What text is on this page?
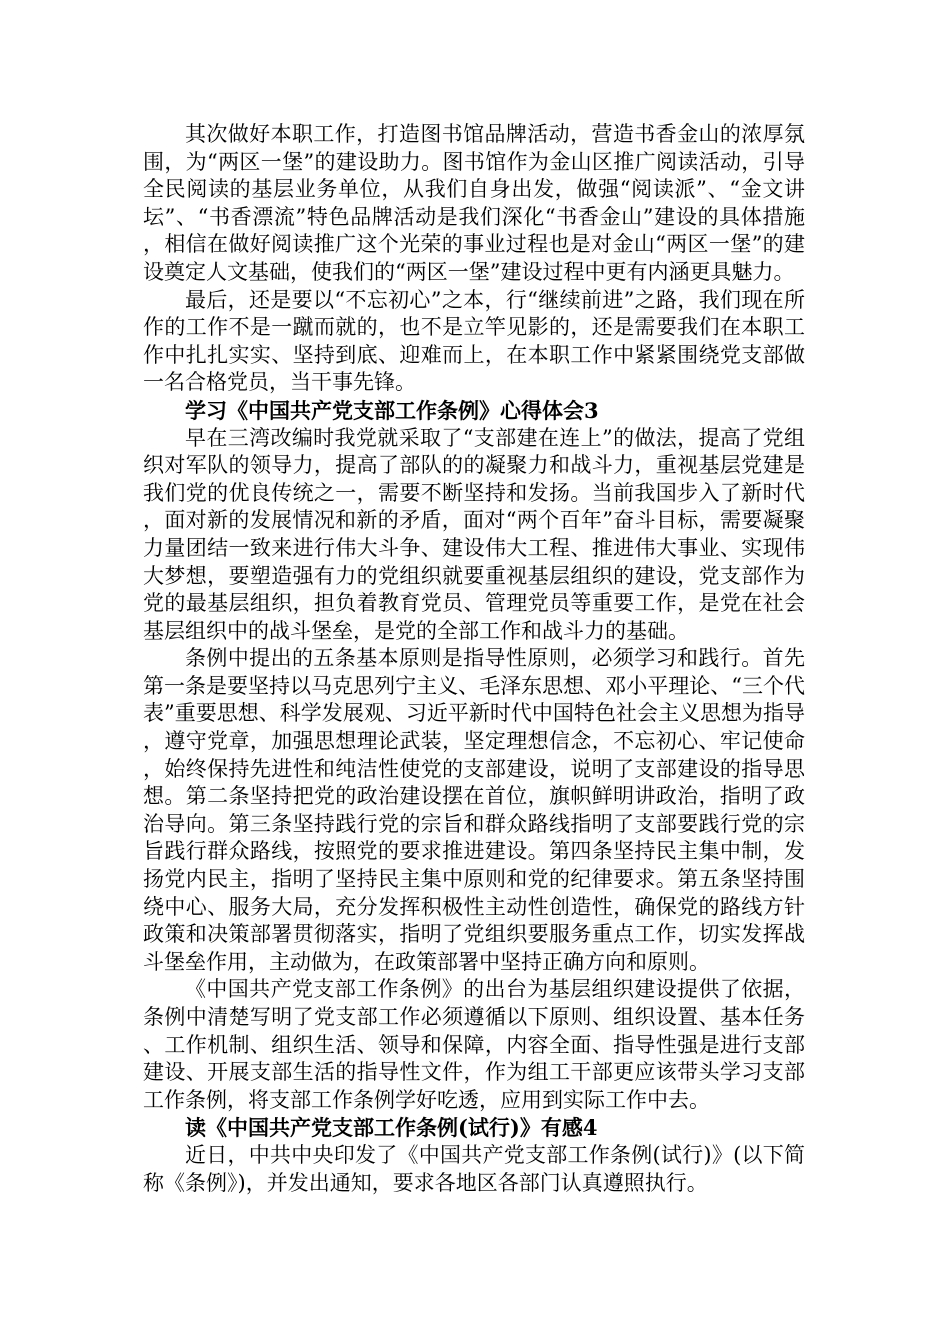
其次做好本职工作，打造图书馆品牌活动，营造书香金山的浓厚氛围，为“两区一堡”的建设助力。图书馆作为金山区推广阅读活动，引导全民阅读的基层业务单位，从我们自身出发，做强“阅读派”、“金文讲坛”、“书香漂流”特色品牌活动是我们深化“书香金山”建设的具体措施，相信在做好阅读推广这个光荣的事业过程也是对金山“两区一堡”的建设奠定人文基础，使我们的“两区一堡”建设过程中更有内涵更具魅力。

最后，还是要以“不忘初心”之本，行“继续前进”之路，我们现在所作的工作不是一蹴而就的，也不是立竿见影的，还是需要我们在本职工作中扎扎实实、坚持到底、迎难而上，在本职工作中紧紧围绕党支部做一名合格党员，当干事先锋。

学习《中国共产党支部工作条例》心得体会3

早在三湾改编时我党就采取了“支部建在连上”的做法，提高了党组织对军队的领导力，提高了部队的的凝聚力和战斗力，重视基层党建是我们党的优良传统之一，需要不断坚持和发扬。当前我国步入了新时代，面对新的发展情况和新的矛盾，面对“两个百年”奋斗目标，需要凝聚力量团结一致来进行伟大斗争、建设伟大工程、推进伟大事业、实现伟大梦想，要塑造强有力的党组织就要重视基层组织的建设，党支部作为党的最基层组织，担负着教育党员、管理党员等重要工作，是党在社会基层组织中的战斗堡垒，是党的全部工作和战斗力的基础。

条例中提出的五条基本原则是指导性原则，必须学习和践行。首先第一条是要坚持以马克思列宁主义、毛泽东思想、邓小平理论、“三个代表”重要思想、科学发展观、习近平新时代中国特色社会主义思想为指导，遵守党章，加强思想理论武装，坚定理想信念，不忘初心、牢记使命，始终保持先进性和纯洁性使党的支部建设，说明了支部建设的指导思想。第二条坚持把党的政治建设摆在首位，旗帜鲜明讲政治，指明了政治导向。第三条坚持践行党的宗旨和群众路线指明了支部要践行党的宗旨践行群众路线，按照党的要求推进建设。第四条坚持民主集中制，发扬党内民主，指明了坚持民主集中原则和党的纪律要求。第五条坚持围绕中心、服务大局，充分发挥积极性主动性创造性，确保党的路线方针政策和决策部署贯彻落实，指明了党组织要服务重点工作，切实发挥战斗堡垒作用，主动做为，在政策部署中坚持正确方向和原则。

《中国共产党支部工作条例》的出台为基层组织建设提供了依据，条例中清楚写明了党支部工作必须遵循以下原则、组织设置、基本任务、工作机制、组织生活、领导和保障，内容全面、指导性强是进行支部建设、开展支部生活的指导性文件，作为组工干部更应该带头学习支部工作条例，将支部工作条例学好吃透，应用到实际工作中去。

读《中国共产党支部工作条例(试行)》有感4

近日，中共中央印发了《中国共产党支部工作条例(试行)》(以下简称《条例》)，并发出通知，要求各地区各部门认真遵照执行。
